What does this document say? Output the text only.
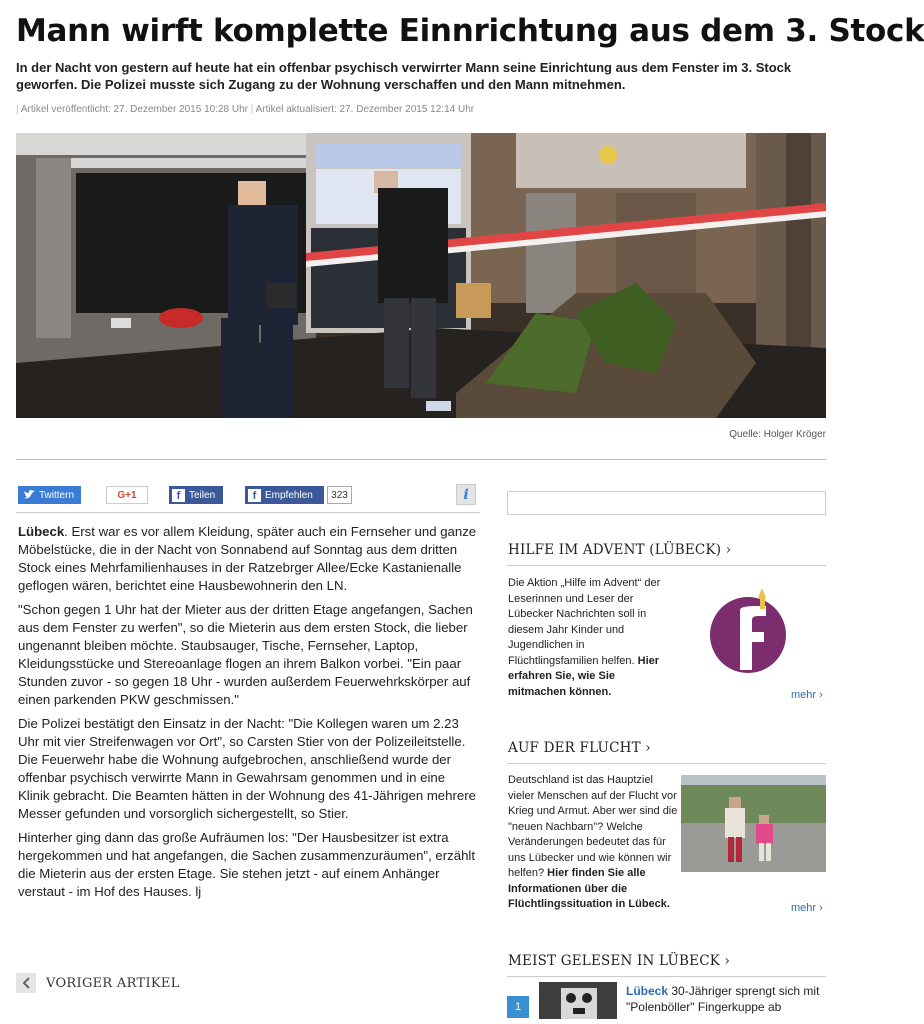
Mann wirft komplette Einnrichtung aus dem 3. Stock
In der Nacht von gestern auf heute hat ein offenbar psychisch verwirrter Mann seine Einrichtung aus dem Fenster im 3. Stock geworfen. Die Polizei musste sich Zugang zu der Wohnung verschaffen und den Mann mitnehmen.
| Artikel veröffentlicht: 27. Dezember 2015 10:28 Uhr | Artikel aktualisiert: 27. Dezember 2015 12:14 Uhr
Quelle: Holger Kröger
Twittern	G+1	f Teilen	f Empfehlen	323	i

Lübeck. Erst war es vor allem Kleidung, später auch ein Fernseher und ganze Möbelstücke, die in der Nacht von Sonnabend auf Sonntag aus dem dritten Stock eines Mehrfamilienhauses in der Ratzebrger Allee/Ecke Kastanienalle geflogen wären, berichtet eine Hausbewohnerin den LN.

"Schon gegen 1 Uhr hat der Mieter aus der dritten Etage angefangen, Sachen aus dem Fenster zu werfen", so die Mieterin aus dem ersten Stock, die lieber ungenannt bleiben möchte. Staubsauger, Tische, Fernseher, Laptop, Kleidungsstücke und Stereoanlage flogen an ihrem Balkon vorbei. "Ein paar Stunden zuvor - so gegen 18 Uhr - wurden außerdem Feuerwehrkskörper auf einen parkenden PKW geschmissen."

Die Polizei bestätigt den Einsatz in der Nacht: "Die Kollegen waren um 2.23 Uhr mit vier Streifenwagen vor Ort", so Carsten Stier von der Polizeileitstelle. Die Feuerwehr habe die Wohnung aufgebrochen, anschließend wurde der offenbar psychisch verwirrte Mann in Gewahrsam genommen und in eine Klinik gebracht. Die Beamten hätten in der Wohnung des 41-Jährigen mehrere Messer gefunden und vorsorglich sichergestellt, so Stier.

Hinterher ging dann das große Aufräumen los: "Der Hausbesitzer ist extra hergekommen und hat angefangen, die Sachen zusammenzuräumen", erzählt die Mieterin aus der ersten Etage. Sie stehen jetzt - auf einem Anhänger verstaut - im Hof des Hauses. lj

VORIGER ARTIKEL
HILFE IM ADVENT (LÜBECK) ›
Die Aktion „Hilfe im Advent“ der Leserinnen und Leser der Lübecker Nachrichten soll in diesem Jahr Kinder und Jugendlichen in Flüchtlingsfamilien helfen. Hier erfahren Sie, wie Sie mitmachen können.	mehr ›
AUF DER FLUCHT ›
Deutschland ist das Hauptziel vieler Menschen auf der Flucht vor Krieg und Armut. Aber wer sind die "neuen Nachbarn"? Welche Veränderungen bedeutet das für uns Lübecker und wie können wir helfen? Hier finden Sie alle Informationen über die Flüchtlingssituation in Lübeck.	mehr ›
MEIST GELESEN IN LÜBECK ›
1
Lübeck 30-Jähriger sprengt sich mit "Polenböller" Fingerkuppe ab
